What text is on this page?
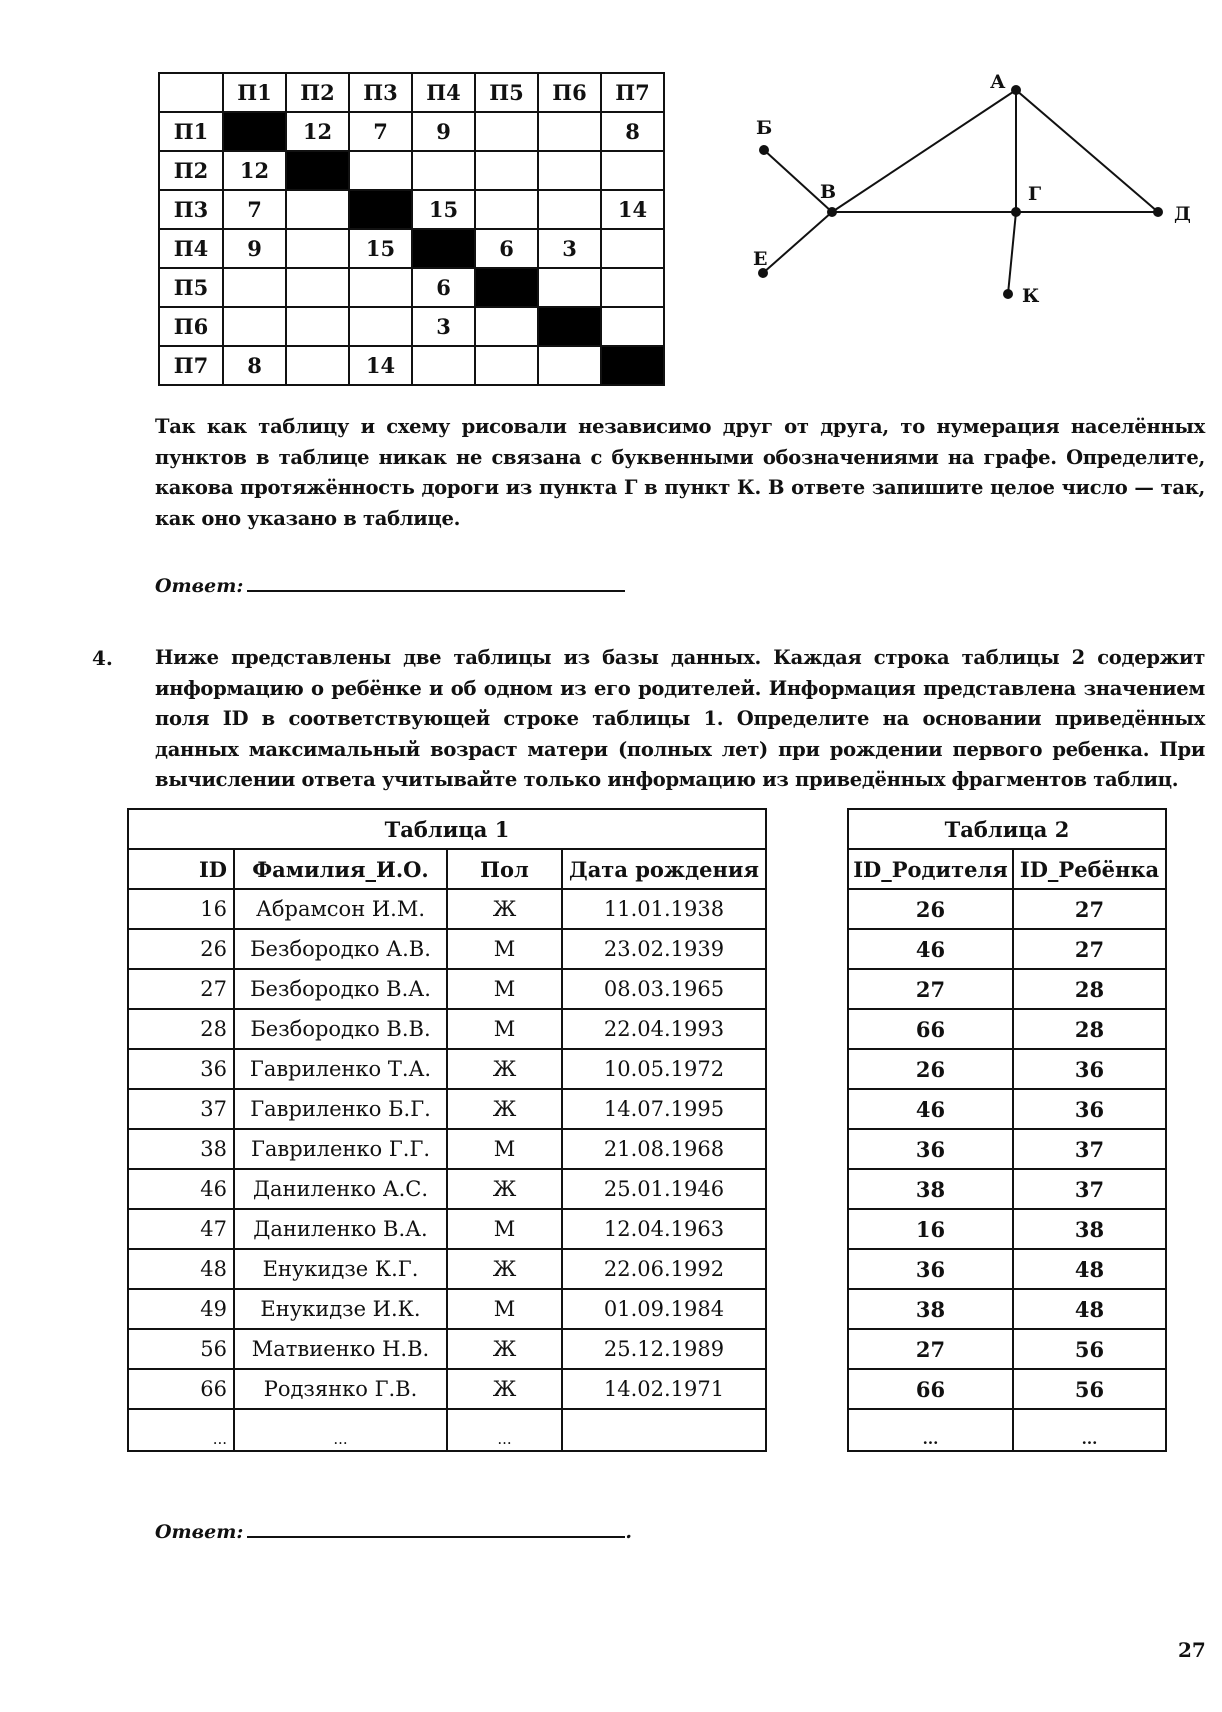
	П1	П2	П3	П4	П5	П6	П7
П1		12	7	9			8
П2	12						
П3	7			15			14
П4	9		15		6	3	
П5				6			
П6				3			
П7	8		14				
А
Б
В	Г
Д
Е
К
Так как таблицу и схему рисовали независимо друг от друга, то нумерация населённых пунктов в таблице никак не связана с буквенными обозначениями на графе. Определите, какова протяжённость дороги из пункта Г в пункт К. В ответе запишите целое число — так, как оно указано в таблице.
Ответ:
4. Ниже представлены две таблицы из базы данных. Каждая строка таблицы 2 содержит информацию о ребёнке и об одном из его родителей. Информация представлена значением поля ID в соответствующей строке таблицы 1. Определите на основании приведённых данных максимальный возраст матери (полных лет) при рождении первого ребенка. При вычислении ответа учитывайте только информацию из приведённых фрагментов таблиц.
Таблица 1			
ID	Фамилия_И.О.	Пол	Дата рождения
16	Абрамсон И.М.	Ж	11.01.1938
26	Безбородко А.В.	М	23.02.1939
27	Безбородко В.А.	М	08.03.1965
28	Безбородко В.В.	М	22.04.1993
36	Гавриленко Т.А.	Ж	10.05.1972
37	Гавриленко Б.Г.	Ж	14.07.1995
38	Гавриленко Г.Г.	М	21.08.1968
46	Даниленко А.С.	Ж	25.01.1946
47	Даниленко В.А.	М	12.04.1963
48	Енукидзе К.Г.	Ж	22.06.1992
49	Енукидзе И.К.	М	01.09.1984
56	Матвиенко Н.В.	Ж	25.12.1989
66	Родзянко Г.В.	Ж	14.02.1971
...	...	...	
Таблица 2	
ID_Родителя	ID_Ребёнка
26	27
46	27
27	28
66	28
26	36
46	36
36	37
38	37
16	38
36	48
38	48
27	56
66	56
...	...
Ответ:	.
27
